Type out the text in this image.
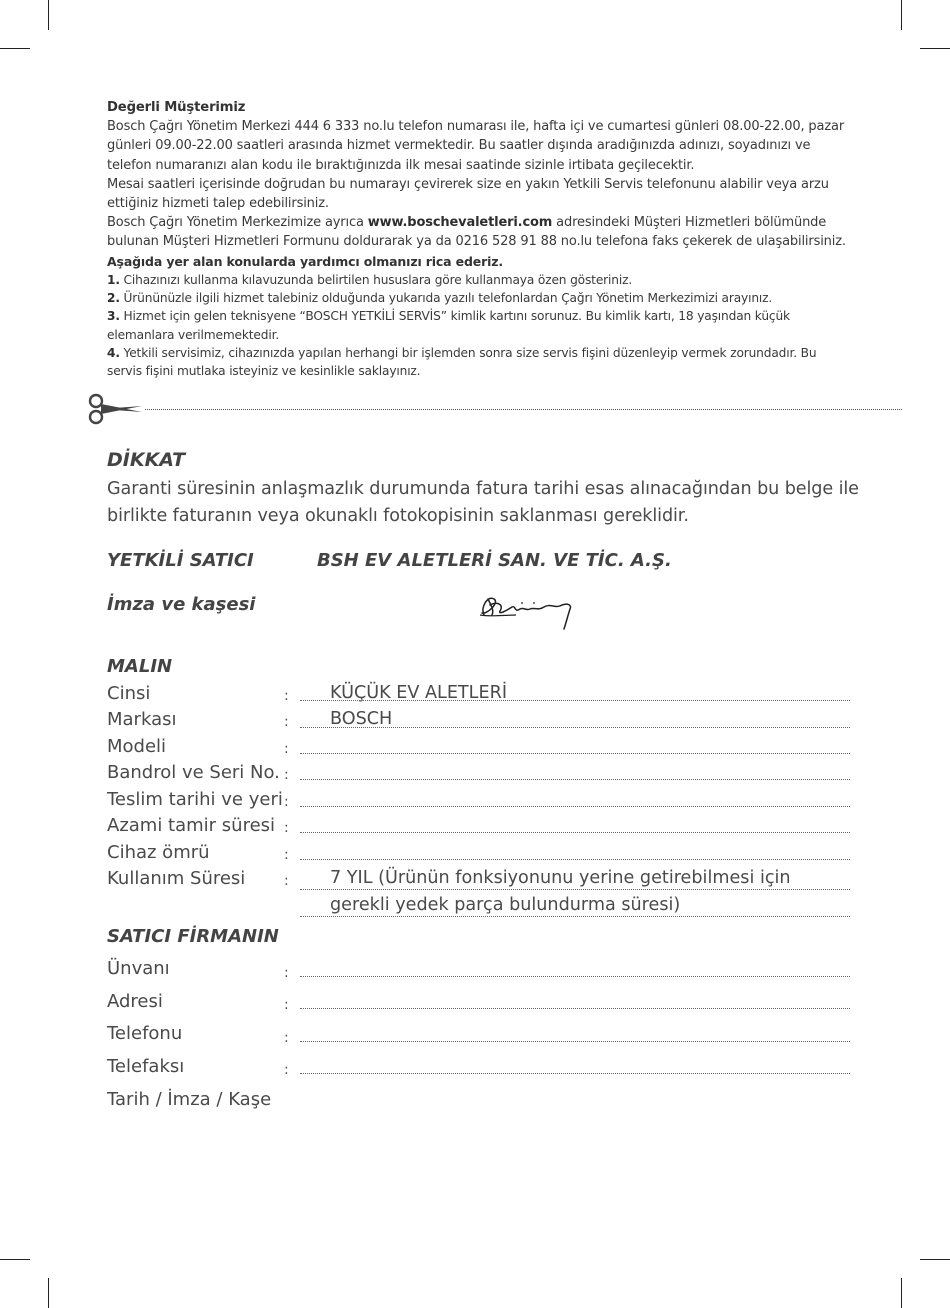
Değerli Müşterimiz
Bosch Çağrı Yönetim Merkezi 444 6 333 no.lu telefon numarası ile, hafta içi ve cumartesi günleri 08.00-22.00, pazar günleri 09.00-22.00 saatleri arasında hizmet vermektedir. Bu saatler dışında aradığınızda adınızı, soyadınızı ve telefon numaranızı alan kodu ile bıraktığınızda ilk mesai saatinde sizinle irtibata geçilecektir.
Mesai saatleri içerisinde doğrudan bu numarayı çevirerek size en yakın Yetkili Servis telefonunu alabilir veya arzu ettiğiniz hizmeti talep edebilirsiniz.
Bosch Çağrı Yönetim Merkezimize ayrıca www.boschevaletleri.com adresindeki Müşteri Hizmetleri bölümünde bulunan Müşteri Hizmetleri Formunu doldurarak ya da 0216 528 91 88 no.lu telefona faks çekerek de ulaşabilirsiniz.
Aşağıda yer alan konularda yardımcı olmanızı rica ederiz.
1. Cihazınızı kullanma kılavuzunda belirtilen hususlara göre kullanmaya özen gösteriniz.
2. Ürününüzle ilgili hizmet talebiniz olduğunda yukarıda yazılı telefonlardan Çağrı Yönetim Merkezimizi arayınız.
3. Hizmet için gelen teknisyene “BOSCH YETKİLİ SERVİS” kimlik kartını sorunuz. Bu kimlik kartı, 18 yaşından küçük elemanlara verilmemektedir.
4. Yetkili servisimiz, cihazınızda yapılan herhangi bir işlemden sonra size servis fişini düzenleyip vermek zorundadır. Bu servis fişini mutlaka isteyiniz ve kesinlikle saklayınız.
DİKKAT
Garanti süresinin anlaşmazlık durumunda fatura tarihi esas alınacağından bu belge ile birlikte faturanın veya okunaklı fotokopisinin saklanması gereklidir.
YETKİLİ SATICI	BSH EV ALETLERİ SAN. VE TİC. A.Ş.
İmza ve kaşesi
MALIN
Cinsi	: KÜÇÜK EV ALETLERİ
Markası	: BOSCH
Modeli	:
Bandrol ve Seri No. :
Teslim tarihi ve yeri :
Azami tamir süresi :
Cihaz ömrü	:
Kullanım Süresi	: 7 YIL (Ürünün fonksiyonunu yerine getirebilmesi için
gerekli yedek parça bulundurma süresi)
SATICI FİRMANIN
Ünvanı	:
Adresi	:
Telefonu	:
Telefaksı	:
Tarih / İmza / Kaşe
